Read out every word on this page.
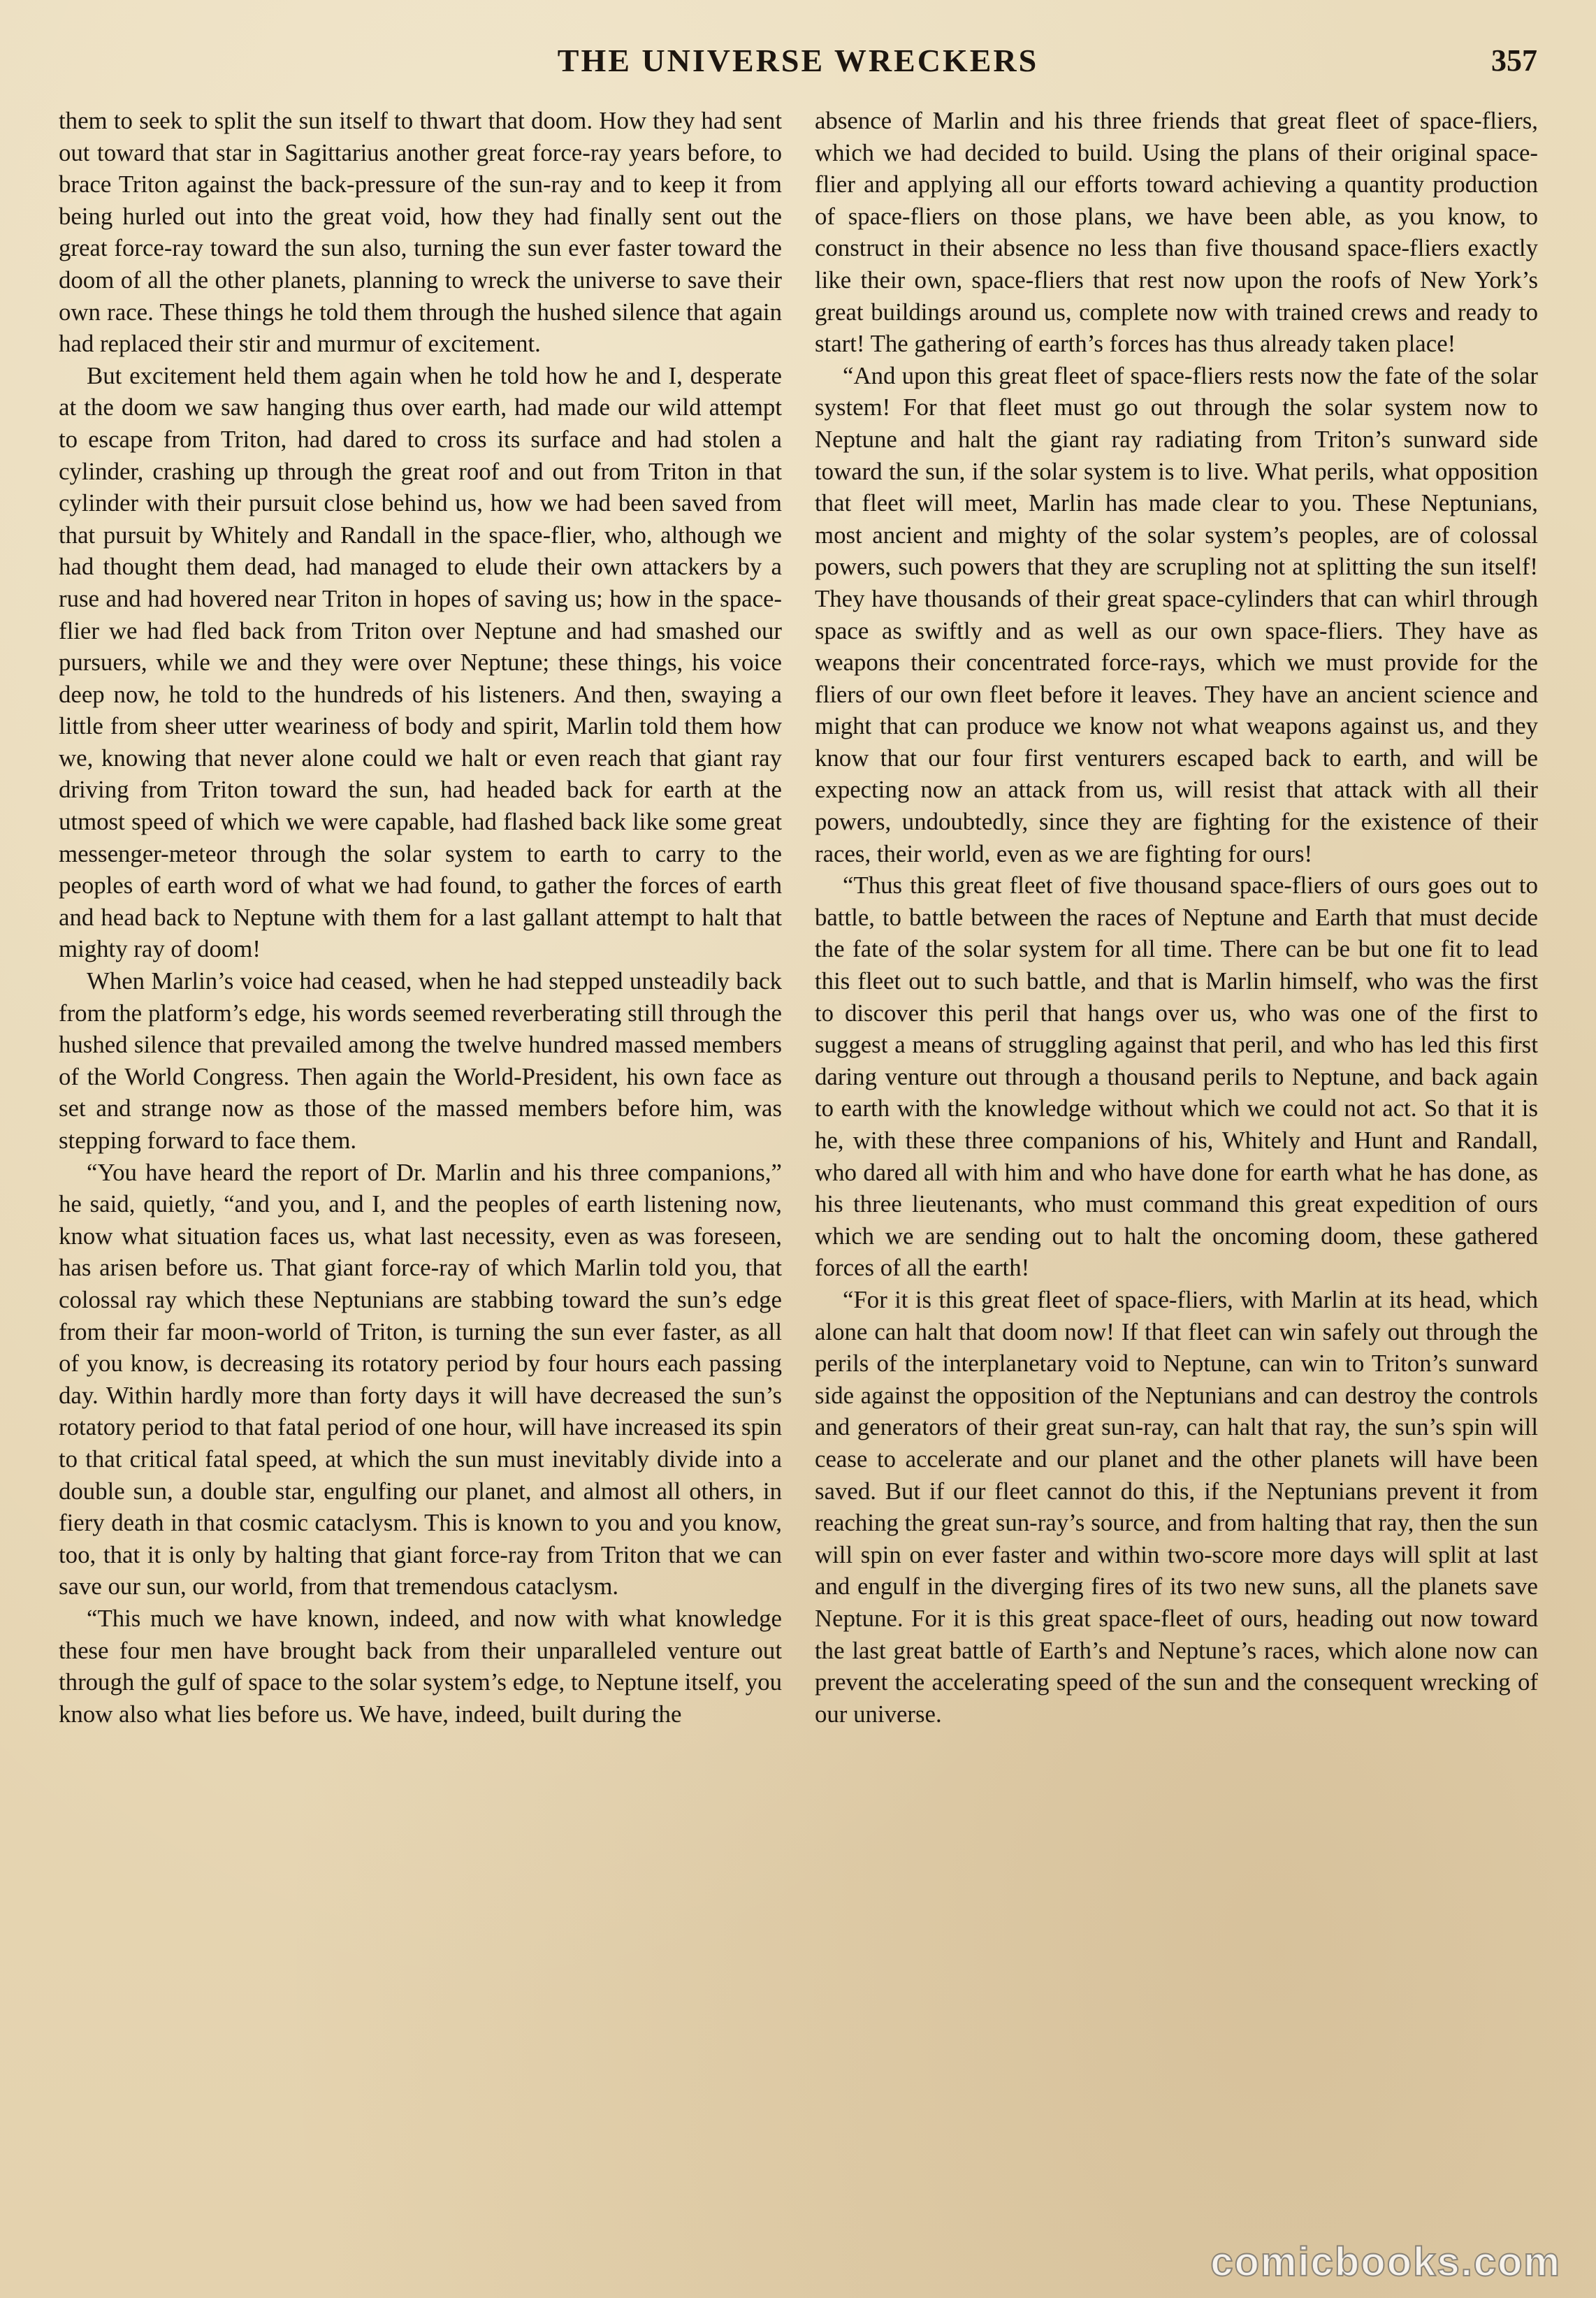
THE UNIVERSE WRECKERS	357

them to seek to split the sun itself to thwart that doom. How they had sent out toward that star in Sagittarius another great force-ray years before, to brace Triton against the back-pressure of the sun-ray and to keep it from being hurled out into the great void, how they had finally sent out the great force-ray toward the sun also, turning the sun ever faster toward the doom of all the other planets, planning to wreck the universe to save their own race. These things he told them through the hushed silence that again had replaced their stir and murmur of excitement.

But excitement held them again when he told how he and I, desperate at the doom we saw hanging thus over earth, had made our wild attempt to escape from Triton, had dared to cross its surface and had stolen a cylinder, crashing up through the great roof and out from Triton in that cylinder with their pursuit close behind us, how we had been saved from that pursuit by Whitely and Randall in the space-flier, who, although we had thought them dead, had managed to elude their own attackers by a ruse and had hovered near Triton in hopes of saving us; how in the space-flier we had fled back from Triton over Neptune and had smashed our pursuers, while we and they were over Neptune; these things, his voice deep now, he told to the hundreds of his listeners. And then, swaying a little from sheer utter weariness of body and spirit, Marlin told them how we, knowing that never alone could we halt or even reach that giant ray driving from Triton toward the sun, had headed back for earth at the utmost speed of which we were capable, had flashed back like some great messenger-meteor through the solar system to earth to carry to the peoples of earth word of what we had found, to gather the forces of earth and head back to Neptune with them for a last gallant attempt to halt that mighty ray of doom!

When Marlin’s voice had ceased, when he had stepped unsteadily back from the platform’s edge, his words seemed reverberating still through the hushed silence that prevailed among the twelve hundred massed members of the World Congress. Then again the World-President, his own face as set and strange now as those of the massed members before him, was stepping forward to face them.

“You have heard the report of Dr. Marlin and his three companions,” he said, quietly, “and you, and I, and the peoples of earth listening now, know what situation faces us, what last necessity, even as was foreseen, has arisen before us. That giant force-ray of which Marlin told you, that colossal ray which these Neptunians are stabbing toward the sun’s edge from their far moon-world of Triton, is turning the sun ever faster, as all of you know, is decreasing its rotatory period by four hours each passing day. Within hardly more than forty days it will have decreased the sun’s rotatory period to that fatal period of one hour, will have increased its spin to that critical fatal speed, at which the sun must inevitably divide into a double sun, a double star, engulfing our planet, and almost all others, in fiery death in that cosmic cataclysm. This is known to you and you know, too, that it is only by halting that giant force-ray from Triton that we can save our sun, our world, from that tremendous cataclysm.

“This much we have known, indeed, and now with what knowledge these four men have brought back from their unparalleled venture out through the gulf of space to the solar system’s edge, to Neptune itself, you know also what lies before us. We have, indeed, built during the

absence of Marlin and his three friends that great fleet of space-fliers, which we had decided to build. Using the plans of their original space-flier and applying all our efforts toward achieving a quantity production of space-fliers on those plans, we have been able, as you know, to construct in their absence no less than five thousand space-fliers exactly like their own, space-fliers that rest now upon the roofs of New York’s great buildings around us, complete now with trained crews and ready to start! The gathering of earth’s forces has thus already taken place!

“And upon this great fleet of space-fliers rests now the fate of the solar system! For that fleet must go out through the solar system now to Neptune and halt the giant ray radiating from Triton’s sunward side toward the sun, if the solar system is to live. What perils, what opposition that fleet will meet, Marlin has made clear to you. These Neptunians, most ancient and mighty of the solar system’s peoples, are of colossal powers, such powers that they are scrupling not at splitting the sun itself! They have thousands of their great space-cylinders that can whirl through space as swiftly and as well as our own space-fliers. They have as weapons their concentrated force-rays, which we must provide for the fliers of our own fleet before it leaves. They have an ancient science and might that can produce we know not what weapons against us, and they know that our four first venturers escaped back to earth, and will be expecting now an attack from us, will resist that attack with all their powers, undoubtedly, since they are fighting for the existence of their races, their world, even as we are fighting for ours!

“Thus this great fleet of five thousand space-fliers of ours goes out to battle, to battle between the races of Neptune and Earth that must decide the fate of the solar system for all time. There can be but one fit to lead this fleet out to such battle, and that is Marlin himself, who was the first to discover this peril that hangs over us, who was one of the first to suggest a means of struggling against that peril, and who has led this first daring venture out through a thousand perils to Neptune, and back again to earth with the knowledge without which we could not act. So that it is he, with these three companions of his, Whitely and Hunt and Randall, who dared all with him and who have done for earth what he has done, as his three lieutenants, who must command this great expedition of ours which we are sending out to halt the oncoming doom, these gathered forces of all the earth!

“For it is this great fleet of space-fliers, with Marlin at its head, which alone can halt that doom now! If that fleet can win safely out through the perils of the interplanetary void to Neptune, can win to Triton’s sunward side against the opposition of the Neptunians and can destroy the controls and generators of their great sun-ray, can halt that ray, the sun’s spin will cease to accelerate and our planet and the other planets will have been saved. But if our fleet cannot do this, if the Neptunians prevent it from reaching the great sun-ray’s source, and from halting that ray, then the sun will spin on ever faster and within two-score more days will split at last and engulf in the diverging fires of its two new suns, all the planets save Neptune. For it is this great space-fleet of ours, heading out now toward the last great battle of Earth’s and Neptune’s races, which alone now can prevent the accelerating speed of the sun and the consequent wrecking of our universe.

comicbooks.com
